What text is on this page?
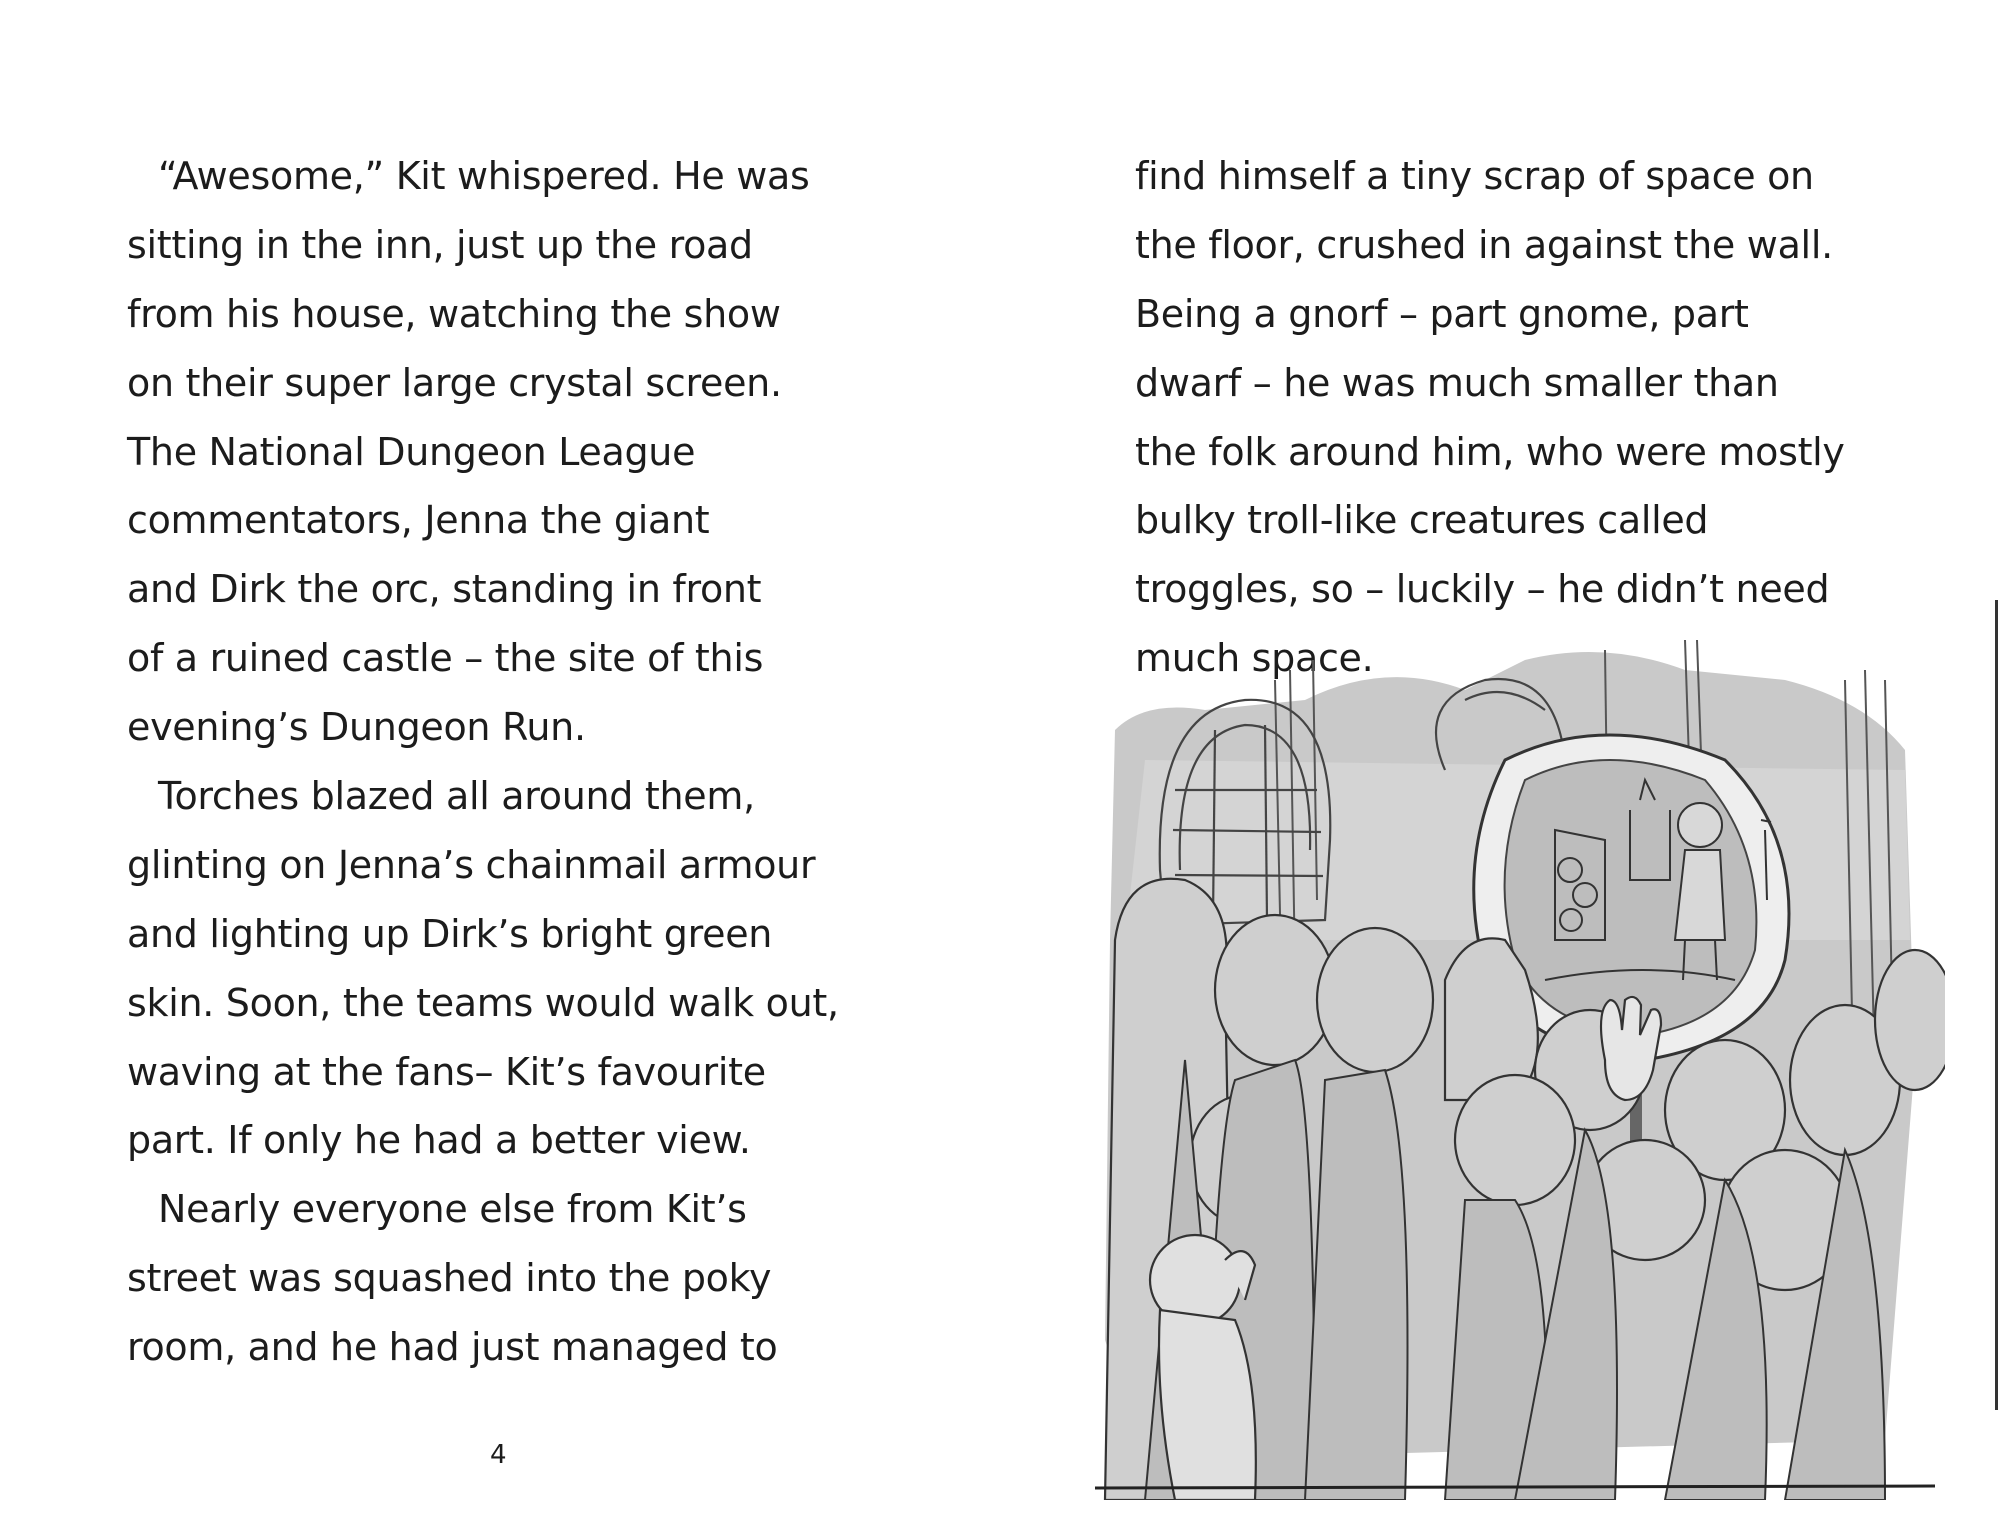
“Awesome,” Kit whispered. He was
sitting in the inn, just up the road
from his house, watching the show
on their super large crystal screen.
The National Dungeon League
commentators, Jenna the giant
and Dirk the orc, standing in front
of a ruined castle – the site of this
evening’s Dungeon Run.
Torches blazed all around them,
glinting on Jenna’s chainmail armour
and lighting up Dirk’s bright green
skin. Soon, the teams would walk out,
waving at the fans– Kit’s favourite
part. If only he had a better view.
Nearly everyone else from Kit’s
street was squashed into the poky
room, and he had just managed to
4
find himself a tiny scrap of space on
the floor, crushed in against the wall.
Being a gnorf – part gnome, part
dwarf – he was much smaller than
the folk around him, who were mostly
bulky troll-like creatures called
troggles, so – luckily – he didn’t need
much space.
